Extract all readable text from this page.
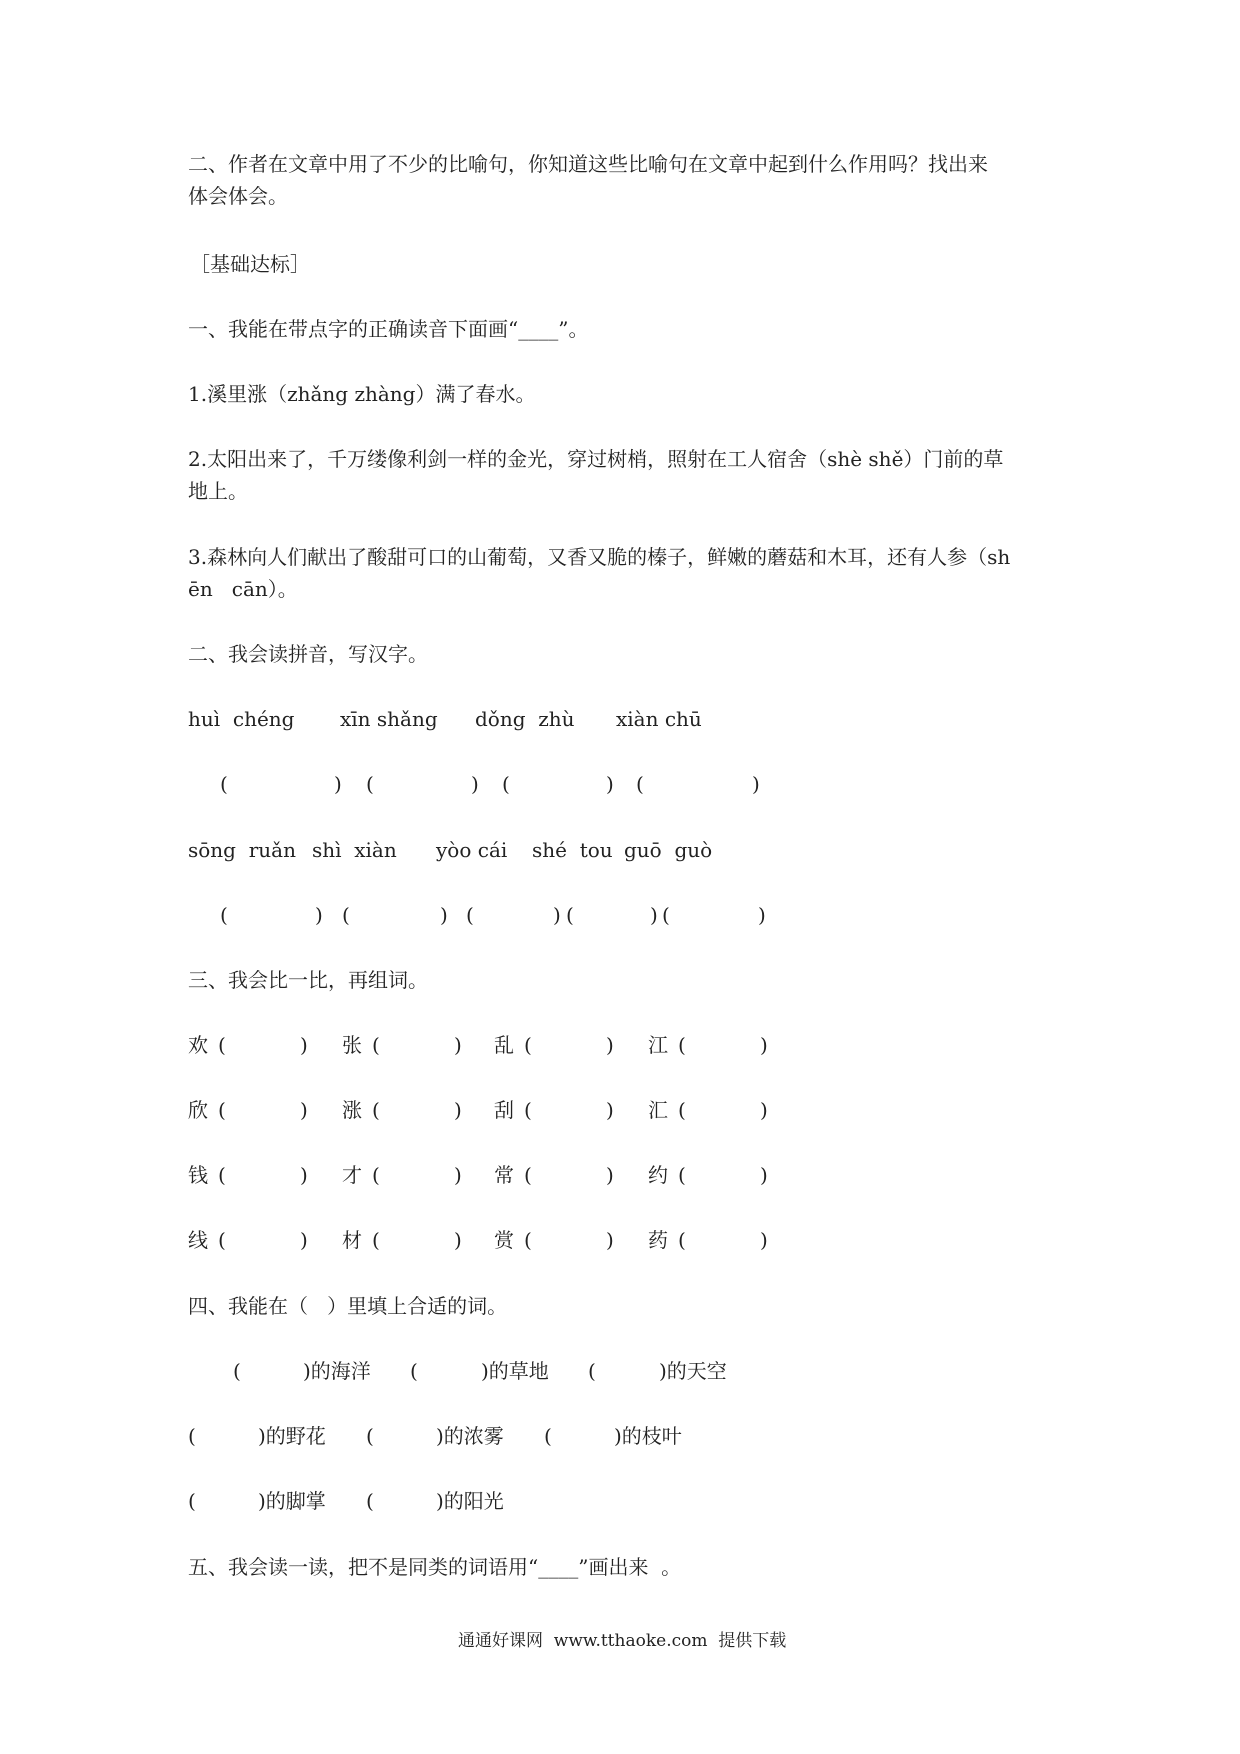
二、作者在文章中用了不少的比喻句，你知道这些比喻句在文章中起到什么作用吗？找出来
体会体会。
［基础达标］
一、我能在带点字的正确读音下面画“____”。
1.溪里涨（zhǎng zhàng）满了春水。
2.太阳出来了，千万缕像利剑一样的金光，穿过树梢，照射在工人宿舍（shè shě）门前的草
地上。
3.森林向人们献出了酸甜可口的山葡萄，又香又脆的榛子，鲜嫩的蘑菇和木耳，还有人参（sh
ēn   cān）。
二、我会读拼音，写汉字。
huì  chéng xīn shǎng dǒng  zhù xiàn chū
(	) (	) (	) (	)
sōng  ruǎn shì  xiàn yòo cái shé  tou guō  guò
(	) (	) (	) (	) (	)
三、我会比一比，再组词。
欢 (	) 张 (	) 乱 (	) 江 (	)
欣 (	) 涨 (	) 刮 (	) 汇 (	)
钱 (	) 才 (	) 常 (	) 约 (	)
线 (	) 材 (	) 赏 (	) 药 (	)
四、我能在（   ）里填上合适的词。
(	)的海洋 (	)的草地 (	)的天空
(	)的野花 (	)的浓雾 (	)的枝叶
(	)的脚掌 (	)的阳光
五、我会读一读，把不是同类的词语用“____”画出来  。
通通好课网  www.tthaoke.com  提供下载
